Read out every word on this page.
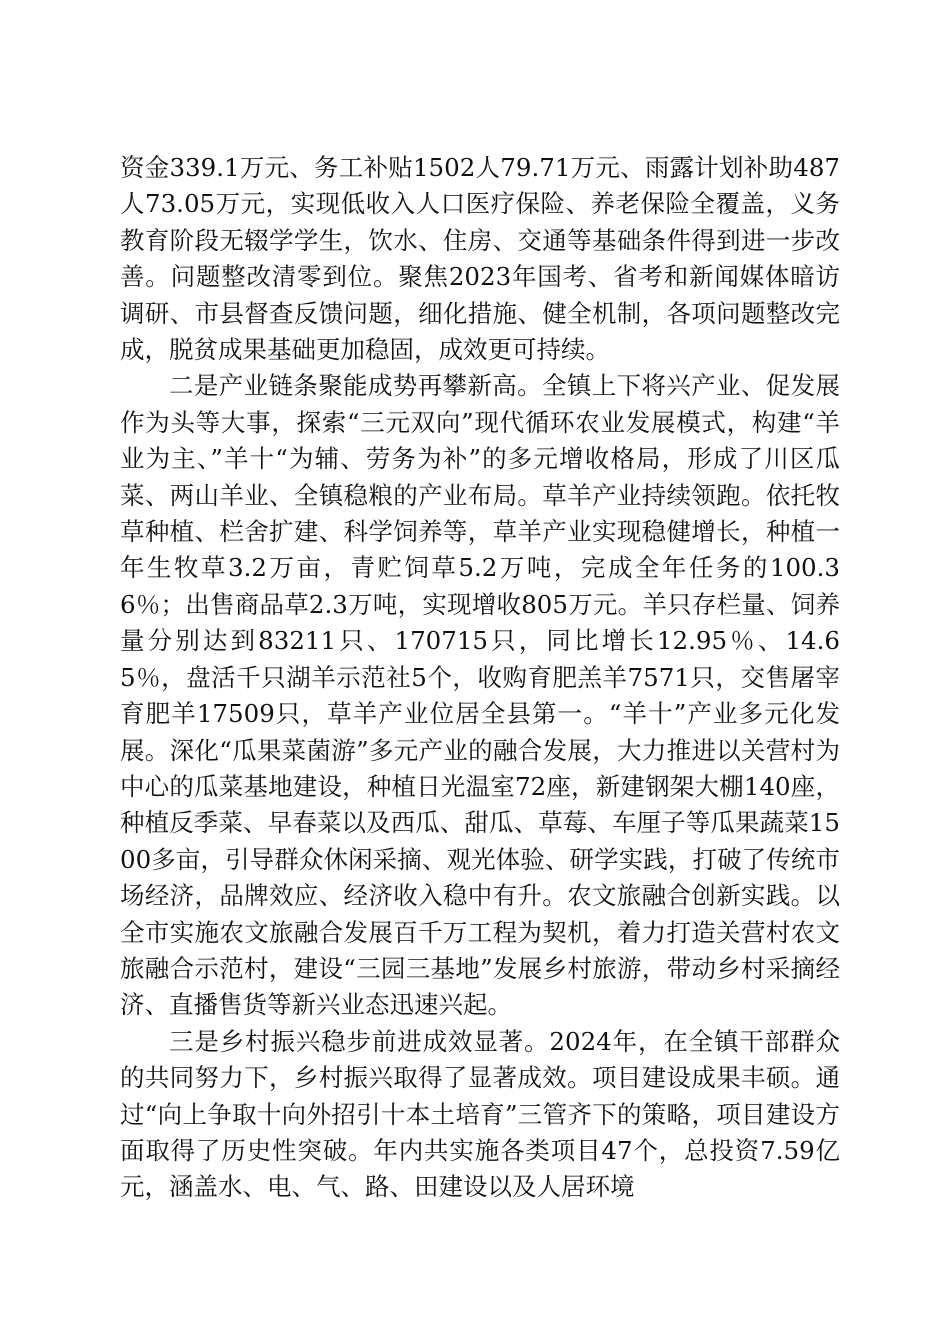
资金339.1万元、务工补贴1502人79.71万元、雨露计划补助487人73.05万元，实现低收入人口医疗保险、养老保险全覆盖，义务教育阶段无辍学学生，饮水、住房、交通等基础条件得到进一步改善。问题整改清零到位。聚焦2023年国考、省考和新闻媒体暗访调研、市县督查反馈问题，细化措施、健全机制，各项问题整改完成，脱贫成果基础更加稳固，成效更可持续。

二是产业链条聚能成势再攀新高。全镇上下将兴产业、促发展作为头等大事，探索“三元双向”现代循环农业发展模式，构建“羊业为主、”羊十“为辅、劳务为补”的多元增收格局，形成了川区瓜菜、两山羊业、全镇稳粮的产业布局。草羊产业持续领跑。依托牧草种植、栏舍扩建、科学饲养等，草羊产业实现稳健增长，种植一年生牧草3.2万亩，青贮饲草5.2万吨，完成全年任务的100.36％；出售商品草2.3万吨，实现增收805万元。羊只存栏量、饲养量分别达到83211只、170715只，同比增长12.95％、14.65％，盘活千只湖羊示范社5个，收购育肥羔羊7571只，交售屠宰育肥羊17509只，草羊产业位居全县第一。“羊十”产业多元化发展。深化“瓜果菜菌游”多元产业的融合发展，大力推进以关营村为中心的瓜菜基地建设，种植日光温室72座，新建钢架大棚140座，种植反季菜、早春菜以及西瓜、甜瓜、草莓、车厘子等瓜果蔬菜1500多亩，引导群众休闲采摘、观光体验、研学实践，打破了传统市场经济，品牌效应、经济收入稳中有升。农文旅融合创新实践。以全市实施农文旅融合发展百千万工程为契机，着力打造关营村农文旅融合示范村，建设“三园三基地”发展乡村旅游，带动乡村采摘经济、直播售货等新兴业态迅速兴起。

三是乡村振兴稳步前进成效显著。2024年，在全镇干部群众的共同努力下，乡村振兴取得了显著成效。项目建设成果丰硕。通过“向上争取十向外招引十本土培育”三管齐下的策略，项目建设方面取得了历史性突破。年内共实施各类项目47个，总投资7.59亿元，涵盖水、电、气、路、田建设以及人居环境
